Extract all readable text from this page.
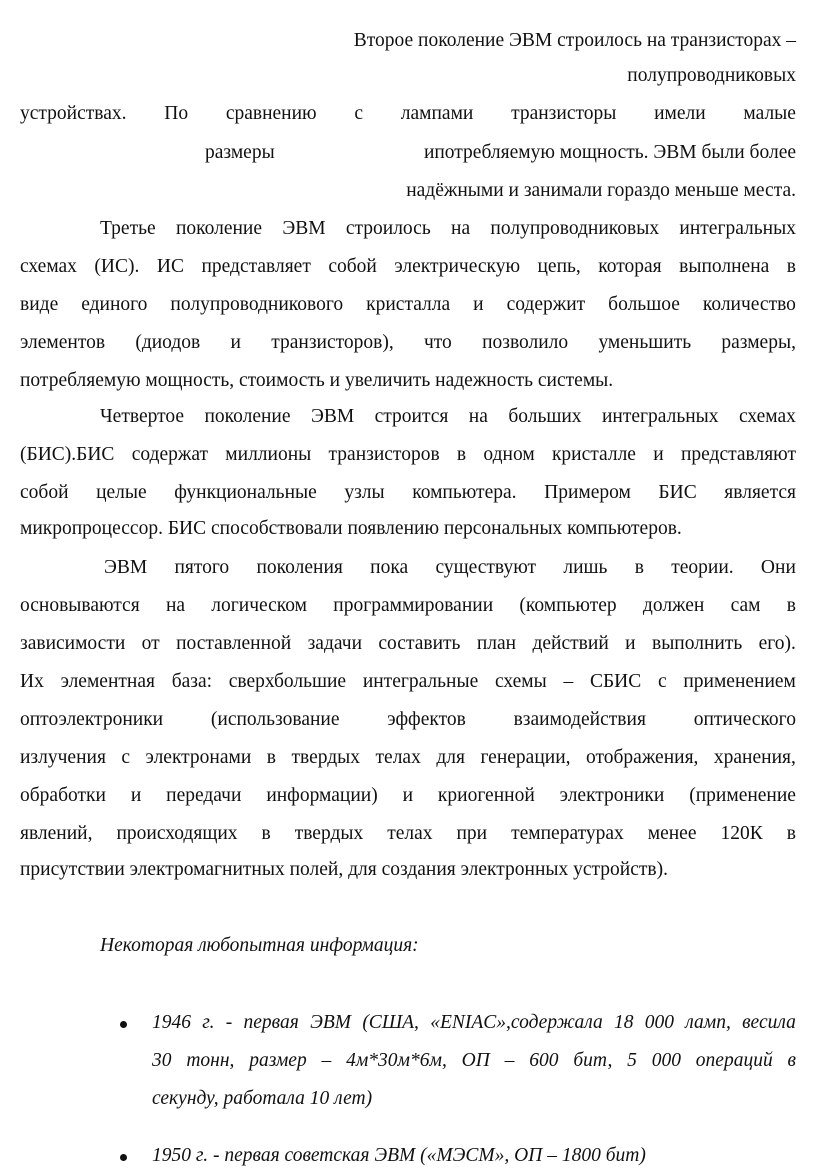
Второе поколение ЭВМ строилось на транзисторах –
полупроводниковых
устройствах. По сравнению с лампами транзисторы имели малые
размеры	ипотребляемую мощность. ЭВМ были более
надёжными и занимали гораздо меньше места.
Третье поколение ЭВМ строилось на полупроводниковых интегральных
схемах (ИС). ИС представляет собой электрическую цепь, которая выполнена в
виде единого полупроводникового кристалла и содержит большое количество
элементов (диодов и транзисторов), что позволило уменьшить размеры,
потребляемую мощность, стоимость и увеличить надежность системы.
Четвертое поколение ЭВМ строится на больших интегральных схемах
(БИС).БИС содержат миллионы транзисторов в одном кристалле и представляют
собой целые функциональные узлы компьютера. Примером БИС является
микропроцессор. БИС способствовали появлению персональных компьютеров.
ЭВМ пятого поколения пока существуют лишь в теории. Они
основываются на логическом программировании (компьютер должен сам в
зависимости от поставленной задачи составить план действий и выполнить его).
Их элементная база: сверхбольшие интегральные схемы – СБИС с применением
оптоэлектроники (использование эффектов взаимодействия оптического
излучения с электронами в твердых телах для генерации, отображения, хранения,
обработки и передачи информации) и криогенной электроники (применение
явлений, происходящих в твердых телах при температурах менее 120К в
присутствии электромагнитных полей, для создания электронных устройств).
Некоторая любопытная информация:
1946 г. - первая ЭВМ (США, «ENIAC»,содержала 18 000 ламп, весила
30 тонн, размер – 4м*30м*6м, ОП – 600 бит, 5 000 операций в
секунду, работала 10 лет)
1950 г. - первая советская ЭВМ («МЭСМ», ОП – 1800 бит)
